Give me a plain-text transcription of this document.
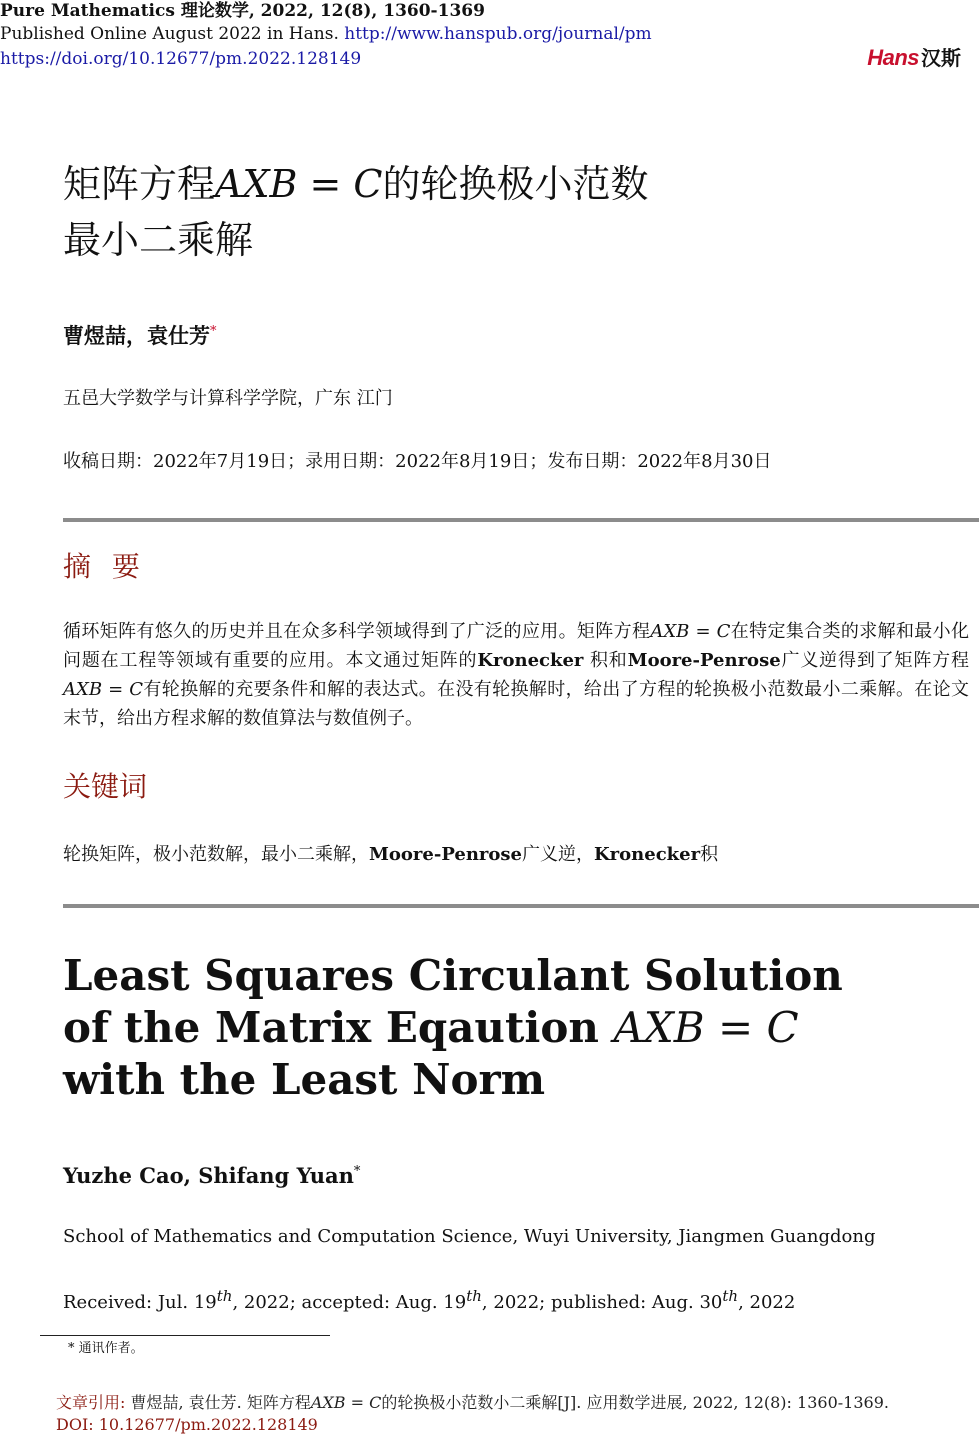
Pure Mathematics 理论数学, 2022, 12(8), 1360-1369
Published Online August 2022 in Hans. http://www.hanspub.org/journal/pm
https://doi.org/10.12677/pm.2022.128149	Hans 汉斯
矩阵方程AXB = C的轮换极小范数
最小二乘解
曹煜喆，袁仕芳*
五邑大学数学与计算科学学院，广东 江门
收稿日期：2022年7月19日；录用日期：2022年8月19日；发布日期：2022年8月30日
摘 要
循环矩阵有悠久的历史并且在众多科学领域得到了广泛的应用。矩阵方程AXB = C在特定集合类的求解和最小化问题在工程等领域有重要的应用。本文通过矩阵的Kronecker 积和Moore-Penrose广义逆得到了矩阵方程AXB = C有轮换解的充要条件和解的表达式。在没有轮换解时，给出了方程的轮换极小范数最小二乘解。在论文末节，给出方程求解的数值算法与数值例子。
关键词
轮换矩阵，极小范数解，最小二乘解，Moore-Penrose广义逆，Kronecker积
Least Squares Circulant Solution
of the Matrix Eqaution AXB = C
with the Least Norm
Yuzhe Cao, Shifang Yuan*
School of Mathematics and Computation Science, Wuyi University, Jiangmen Guangdong
Received: Jul. 19th, 2022; accepted: Aug. 19th, 2022; published: Aug. 30th, 2022
* 通讯作者。
文章引用: 曹煜喆, 袁仕芳. 矩阵方程AXB = C的轮换极小范数小二乘解[J]. 应用数学进展, 2022, 12(8): 1360-1369.
DOI: 10.12677/pm.2022.128149
